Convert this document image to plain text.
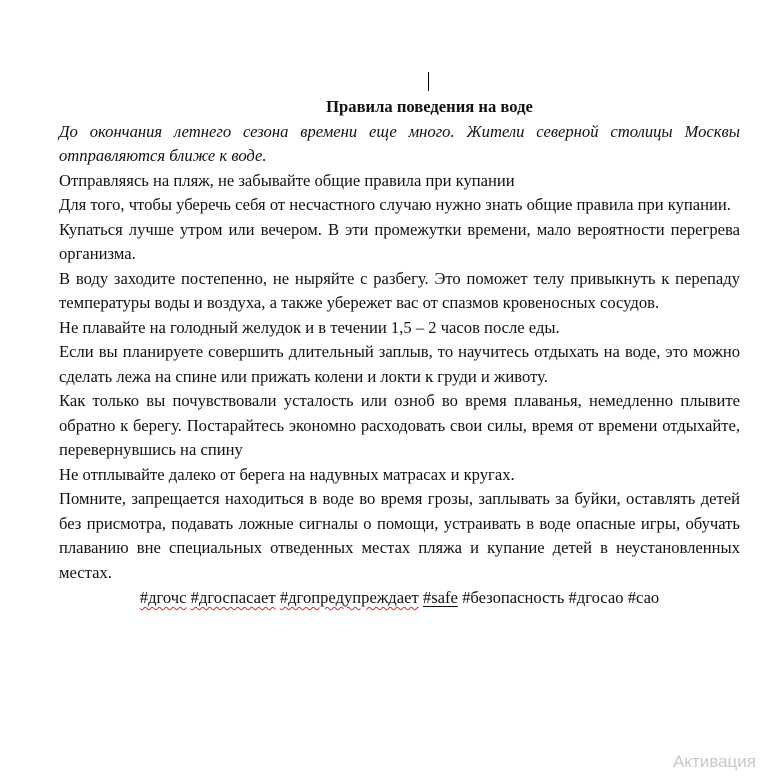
Правила поведения на воде

До окончания летнего сезона времени еще много. Жители северной столицы Москвы отправляются ближе к воде.

Отправляясь на пляж, не забывайте общие правила при купании

Для того, чтобы уберечь себя от несчастного случаю нужно знать общие правила при купании.

Купаться лучше утром или вечером. В эти промежутки времени, мало вероятности перегрева организма.

В воду заходите постепенно, не ныряйте с разбегу. Это поможет телу привыкнуть к перепаду температуры воды и воздуха, а также убережет вас от спазмов кровеносных сосудов.

Не плавайте на голодный желудок и в течении 1,5 – 2 часов после еды.

Если вы планируете совершить длительный заплыв, то научитесь отдыхать на воде, это можно сделать лежа на спине или прижать колени и локти к груди и животу.

Как только вы почувствовали усталость или озноб во время плаванья, немедленно плывите обратно к берегу. Постарайтесь экономно расходовать свои силы, время от времени отдыхайте, перевернувшись на спину

Не отплывайте далеко от берега на надувных матрасах и кругах.

Помните, запрещается находиться в воде во время грозы, заплывать за буйки, оставлять детей без присмотра, подавать ложные сигналы о помощи, устраивать в воде опасные игры, обучать плаванию вне специальных отведенных местах пляжа и купание детей в неустановленных местах.

#дгочс #дгоспасает #дгопредупреждает #safe #безопасность #дгосао #сао

Активация
